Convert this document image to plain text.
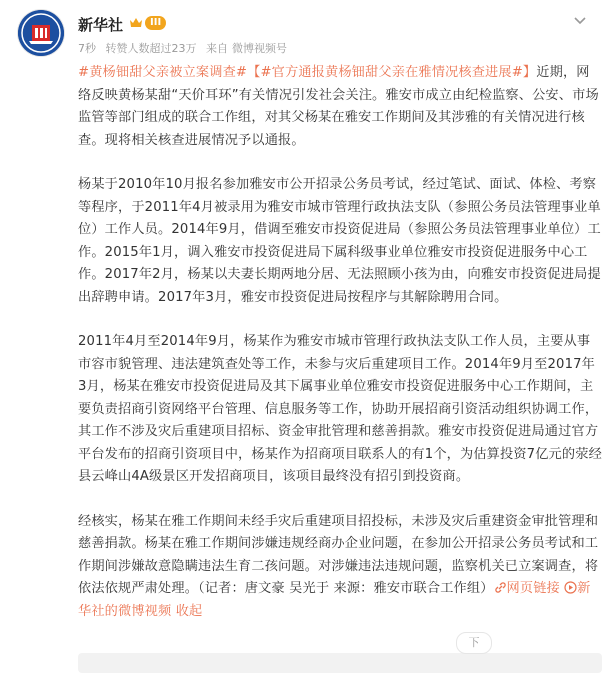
新华社	III
7秒 转赞人数超过23万 来自 微博视频号

#黄杨钿甜父亲被立案调查#【#官方通报黄杨钿甜父亲在雅情况核查进展#】近期，网络反映黄杨某甜“天价耳环”有关情况引发社会关注。雅安市成立由纪检监察、公安、市场监管等部门组成的联合工作组，对其父杨某在雅安工作期间及其涉雅的有关情况进行核查。现将相关核查进展情况予以通报。

杨某于2010年10月报名参加雅安市公开招录公务员考试，经过笔试、面试、体检、考察等程序，于2011年4月被录用为雅安市城市管理行政执法支队（参照公务员法管理事业单位）工作人员。2014年9月，借调至雅安市投资促进局（参照公务员法管理事业单位）工作。2015年1月，调入雅安市投资促进局下属科级事业单位雅安市投资促进服务中心工作。2017年2月，杨某以夫妻长期两地分居、无法照顾小孩为由，向雅安市投资促进局提出辞聘申请。2017年3月，雅安市投资促进局按程序与其解除聘用合同。

2011年4月至2014年9月，杨某作为雅安市城市管理行政执法支队工作人员，主要从事市容市貌管理、违法建筑查处等工作，未参与灾后重建项目工作。2014年9月至2017年3月，杨某在雅安市投资促进局及其下属事业单位雅安市投资促进服务中心工作期间，主要负责招商引资网络平台管理、信息服务等工作，协助开展招商引资活动组织协调工作，其工作不涉及灾后重建项目招标、资金审批管理和慈善捐款。雅安市投资促进局通过官方平台发布的招商引资项目中，杨某作为招商项目联系人的有1个，为估算投资7亿元的荥经县云峰山4A级景区开发招商项目，该项目最终没有招引到投资商。

经核实，杨某在雅工作期间未经手灾后重建项目招投标，未涉及灾后重建资金审批管理和慈善捐款。杨某在雅工作期间涉嫌违规经商办企业问题，在参加公开招录公务员考试和工作期间涉嫌故意隐瞒违法生育二孩问题。对涉嫌违法违规问题，监察机关已立案调查，将依法依规严肃处理。（记者：唐文豪 吴光于 来源：雅安市联合工作组） 网页链接 新华社的微博视频 收起

下
